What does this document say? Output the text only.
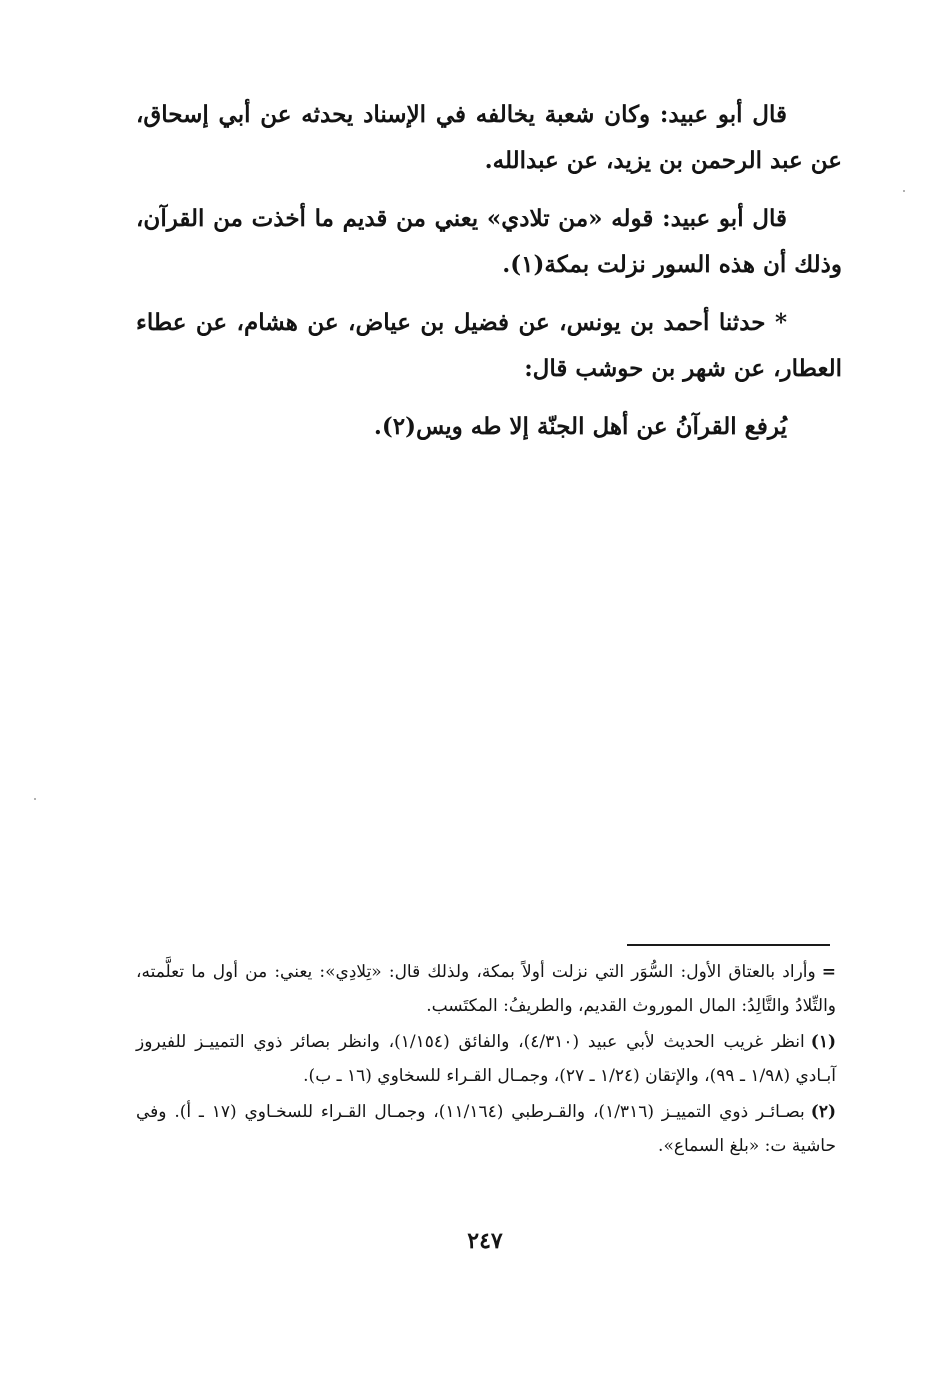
قال أبو عبيد: وكان شعبة يخالفه في الإسناد يحدثه عن أبي إسحاق، عن عبد الرحمن بن يزيد، عن عبدالله.

قال أبو عبيد: قوله «من تلادي» يعني من قديم ما أخذت من القرآن، وذلك أن هذه السور نزلت بمكة(١).

* حدثنا أحمد بن يونس، عن فضيل بن عياض، عن هشام، عن عطاء العطار، عن شهر بن حوشب قال:

يُرفع القرآنُ عن أهل الجنّة إلا طه ويس(٢).

=وأراد بالعتاق الأول: السُّوَر التي نزلت أولاً بمكة، ولذلك قال: «تِلادِي»: يعني: من أول ما تعلَّمته، والتِّلادُ والتَّالِدُ: المال الموروث القديم، والطريفُ: المكتَسب.

(١)انظر غريب الحديث لأبي عبيد (٤/٣١٠)، والفائق (١/١٥٤)، وانظر بصائر ذوي التمييـز للفيروز آبـادي (١/٩٨ ـ ٩٩)، والإتقان (١/٢٤ ـ ٢٧)، وجمـال القـراء للسخاوي (١٦ ـ ب).

(٢)بصـائـر ذوي التمييـز (١/٣١٦)، والقـرطبي (١١/١٦٤)، وجمـال القـراء للسخـاوي (١٧ ـ أ). وفي حاشية ت: «بلغ السماع».

٢٤٧
